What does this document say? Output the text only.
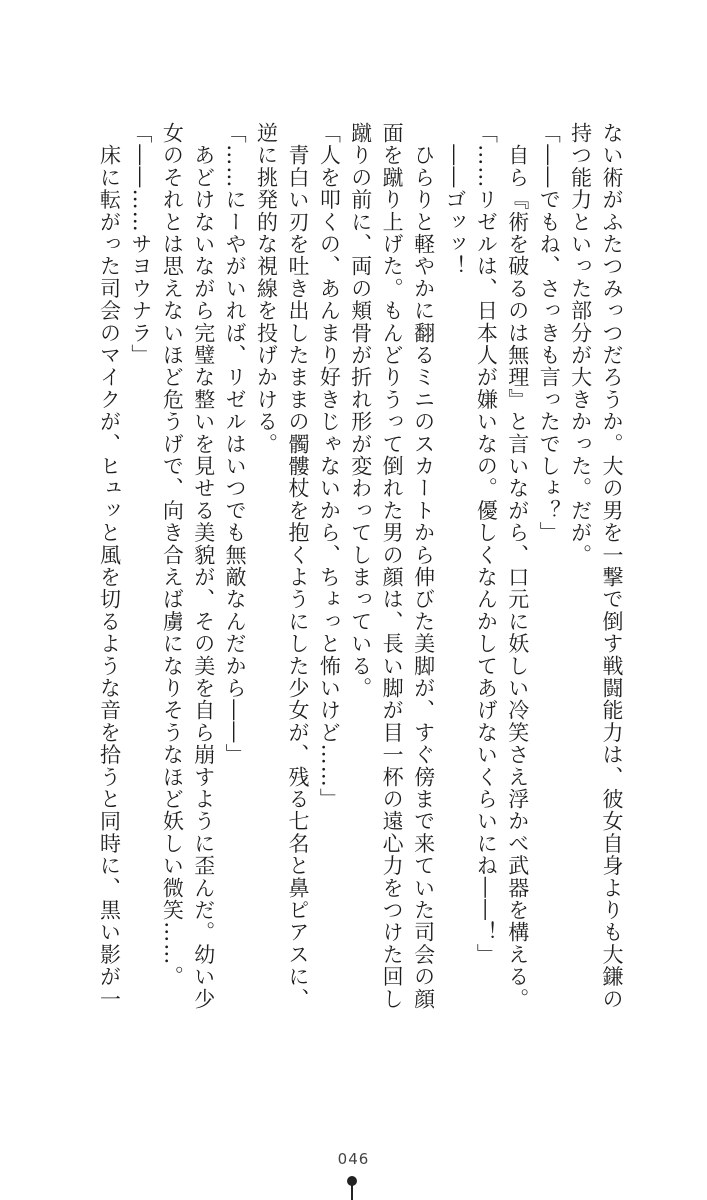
ない術がふたつみっつだろうか。大の男を一撃で倒す戦闘能力は、彼女自身よりも大鎌の
持つ能力といった部分が大きかった。だが。
「――でもね、さっきも言ったでしょ？」
　自ら『術を破るのは無理』と言いながら、口元に妖しい冷笑さえ浮かべ武器を構える。
「……リゼルは、日本人が嫌いなの。優しくなんかしてあげないくらいにね――！」
　――ゴッッ！
　ひらりと軽やかに翻るミニのスカートから伸びた美脚が、すぐ傍まで来ていた司会の顔
面を蹴り上げた。もんどりうって倒れた男の顔は、長い脚が目一杯の遠心力をつけた回し
蹴りの前に、両の頬骨が折れ形が変わってしまっている。
「人を叩くの、あんまり好きじゃないから、ちょっと怖いけど……」
　青白い刃を吐き出したままの髑髏杖を抱くようにした少女が、残る七名と鼻ピアスに、
逆に挑発的な視線を投げかける。
「……にーやがいれば、リゼルはいつでも無敵なんだから――」
　あどけないながら完璧な整いを見せる美貌が、その美を自ら崩すように歪んだ。幼い少
女のそれとは思えないほど危うげで、向き合えば虜になりそうなほど妖しい微笑……。
「――……サヨウナラ」
　床に転がった司会のマイクが、ヒュッと風を切るような音を拾うと同時に、黒い影が一
046
